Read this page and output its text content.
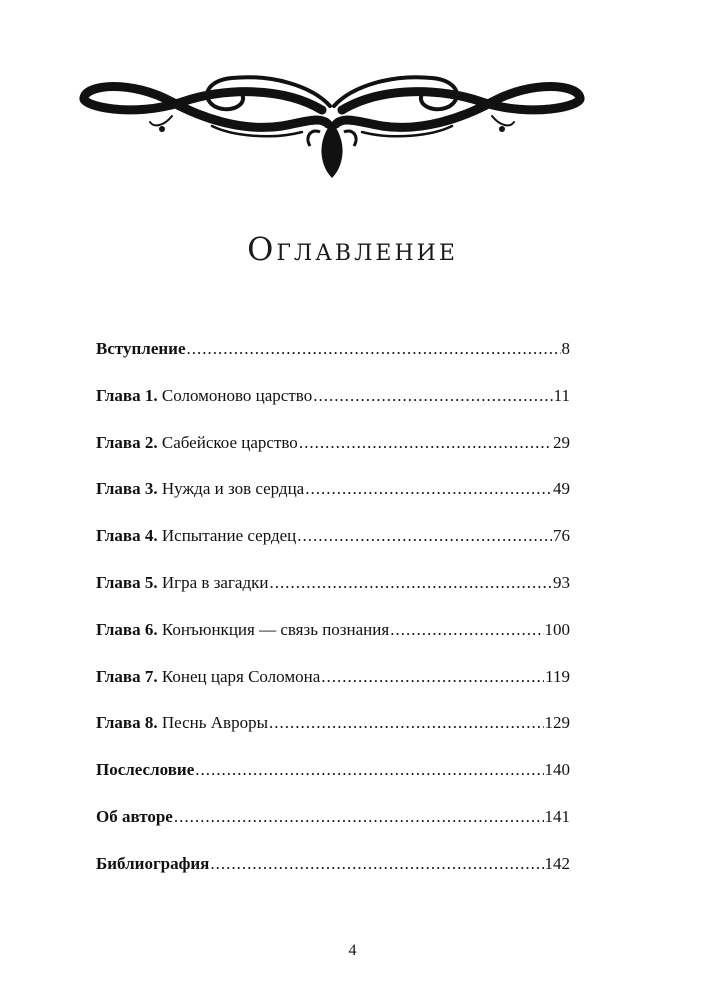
Оглавление
Вступление .....	8
Глава 1. Соломоново царство .....	11
Глава 2. Сабейское царство .....	29
Глава 3. Нужда и зов сердца .....	49
Глава 4. Испытание сердец .....	76
Глава 5. Игра в загадки .....	93
Глава 6. Конъюнкция — связь познания .....	100
Глава 7. Конец царя Соломона .....	119
Глава 8. Песнь Авроры .....	129
Послесловие .....	140
Об авторе .....	141
Библиография .....	142
4
